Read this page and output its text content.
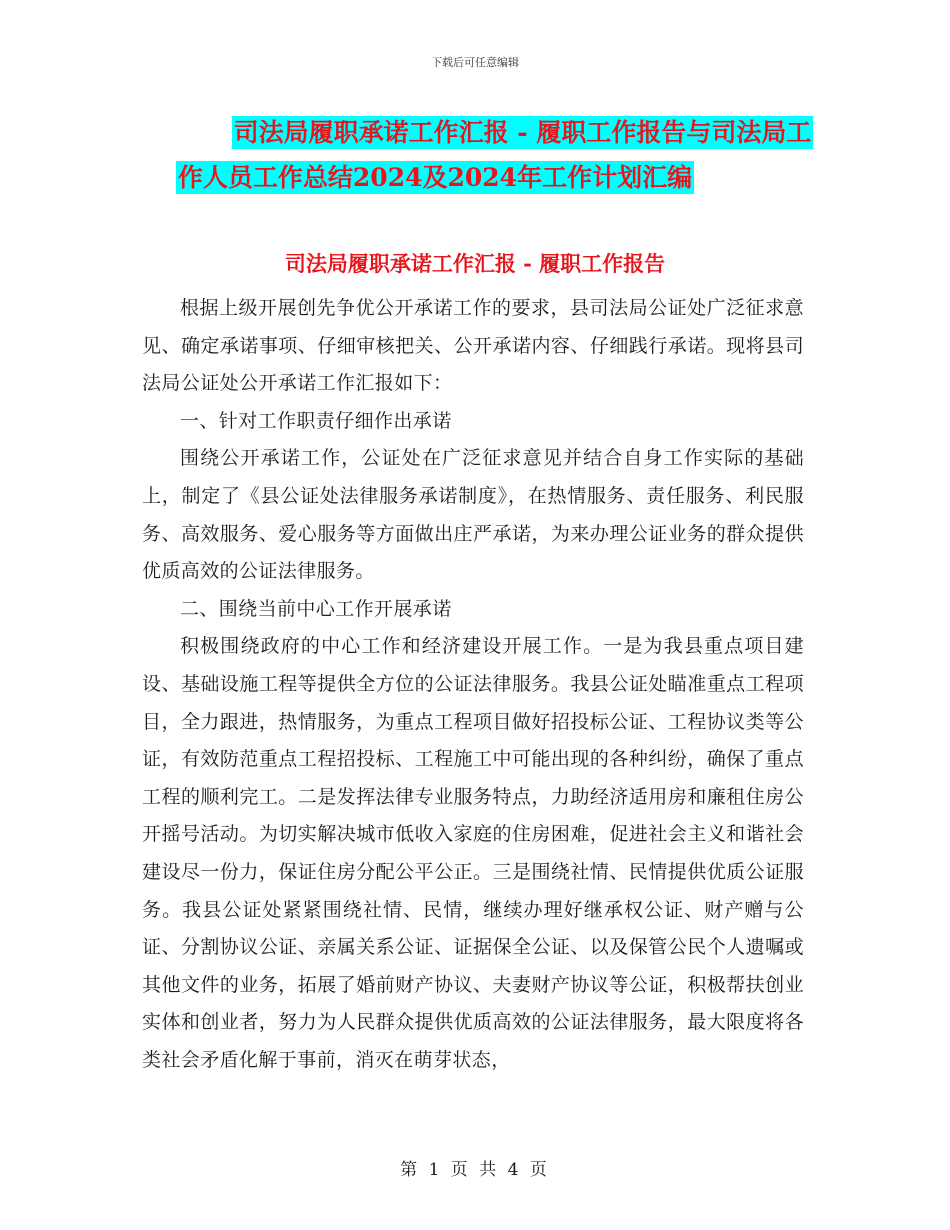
下载后可任意编辑
司法局履职承诺工作汇报 - 履职工作报告与司法局工
作人员工作总结2024及2024年工作计划汇编
司法局履职承诺工作汇报 - 履职工作报告

根据上级开展创先争优公开承诺工作的要求，县司法局公证处广泛征求意见、确定承诺事项、仔细审核把关、公开承诺内容、仔细践行承诺。现将县司法局公证处公开承诺工作汇报如下：

一、针对工作职责仔细作出承诺

围绕公开承诺工作，公证处在广泛征求意见并结合自身工作实际的基础上，制定了《县公证处法律服务承诺制度》，在热情服务、责任服务、利民服务、高效服务、爱心服务等方面做出庄严承诺，为来办理公证业务的群众提供优质高效的公证法律服务。

二、围绕当前中心工作开展承诺

积极围绕政府的中心工作和经济建设开展工作。一是为我县重点项目建设、基础设施工程等提供全方位的公证法律服务。我县公证处瞄准重点工程项目，全力跟进，热情服务，为重点工程项目做好招投标公证、工程协议类等公证，有效防范重点工程招投标、工程施工中可能出现的各种纠纷，确保了重点工程的顺利完工。二是发挥法律专业服务特点，力助经济适用房和廉租住房公开摇号活动。为切实解决城市低收入家庭的住房困难，促进社会主义和谐社会建设尽一份力，保证住房分配公平公正。三是围绕社情、民情提供优质公证服务。我县公证处紧紧围绕社情、民情，继续办理好继承权公证、财产赠与公证、分割协议公证、亲属关系公证、证据保全公证、以及保管公民个人遗嘱或其他文件的业务，拓展了婚前财产协议、夫妻财产协议等公证，积极帮扶创业实体和创业者，努力为人民群众提供优质高效的公证法律服务，最大限度将各类社会矛盾化解于事前，消灭在萌芽状态，

第 1 页 共 4 页
